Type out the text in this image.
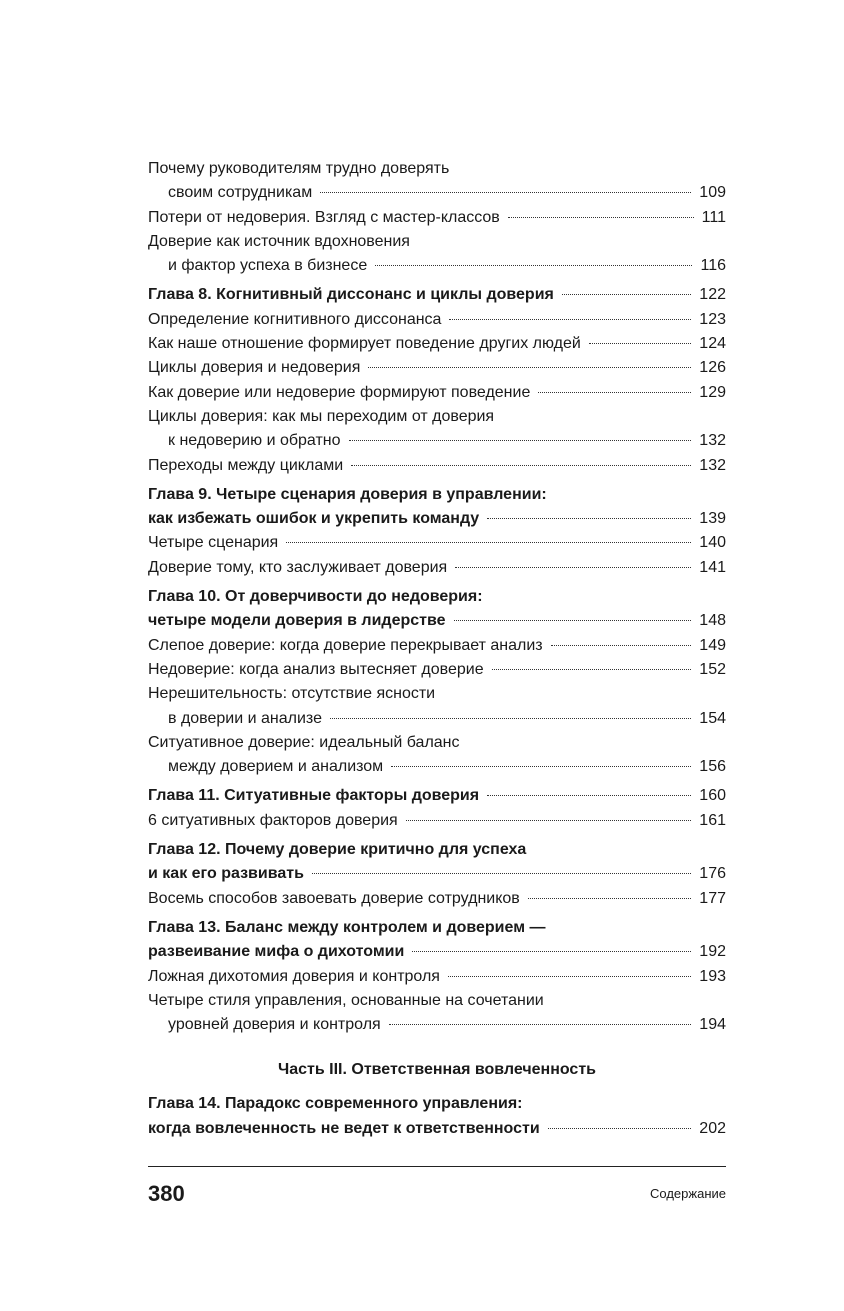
Почему руководителям трудно доверять
своим сотрудникам	109
Потери от недоверия. Взгляд с мастер-классов	111
Доверие как источник вдохновения
и фактор успеха в бизнесе	116
Глава 8. Когнитивный диссонанс и циклы доверия	122
Определение когнитивного диссонанса	123
Как наше отношение формирует поведение других людей	124
Циклы доверия и недоверия	126
Как доверие или недоверие формируют поведение	129
Циклы доверия: как мы переходим от доверия
к недоверию и обратно	132
Переходы между циклами	132
Глава 9. Четыре сценария доверия в управлении:
как избежать ошибок и укрепить команду	139
Четыре сценария	140
Доверие тому, кто заслуживает доверия	141
Глава 10. От доверчивости до недоверия:
четыре модели доверия в лидерстве	148
Слепое доверие: когда доверие перекрывает анализ	149
Недоверие: когда анализ вытесняет доверие	152
Нерешительность: отсутствие ясности
в доверии и анализе	154
Ситуативное доверие: идеальный баланс
между доверием и анализом	156
Глава 11. Ситуативные факторы доверия	160
6 ситуативных факторов доверия	161
Глава 12. Почему доверие критично для успеха
и как его развивать	176
Восемь способов завоевать доверие сотрудников	177
Глава 13. Баланс между контролем и доверием —
развеивание мифа о дихотомии	192
Ложная дихотомия доверия и контроля	193
Четыре стиля управления, основанные на сочетании
уровней доверия и контроля	194
Часть III. Ответственная вовлеченность
Глава 14. Парадокс современного управления:
когда вовлеченность не ведет к ответственности	202
380	Содержание
